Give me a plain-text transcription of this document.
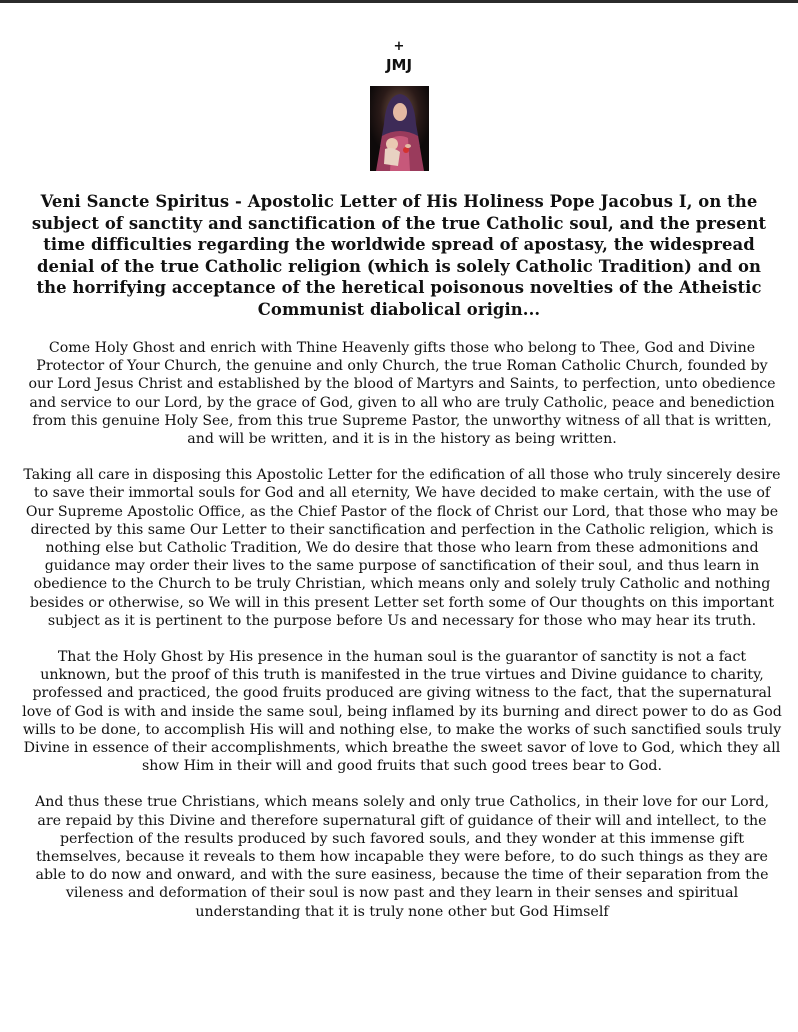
+
JMJ
Veni Sancte Spiritus - Apostolic Letter of His Holiness Pope Jacobus I, on the subject of sanctity and sanctification of the true Catholic soul, and the present time difficulties regarding the worldwide spread of apostasy, the widespread denial of the true Catholic religion (which is solely Catholic Tradition) and on the horrifying acceptance of the heretical poisonous novelties of the Atheistic Communist diabolical origin...
Come Holy Ghost and enrich with Thine Heavenly gifts those who belong to Thee, God and Divine Protector of Your Church, the genuine and only Church, the true Roman Catholic Church, founded by our Lord Jesus Christ and established by the blood of Martyrs and Saints, to perfection, unto obedience and service to our Lord, by the grace of God, given to all who are truly Catholic, peace and benediction from this genuine Holy See, from this true Supreme Pastor, the unworthy witness of all that is written, and will be written, and it is in the history as being written.
Taking all care in disposing this Apostolic Letter for the edification of all those who truly sincerely desire to save their immortal souls for God and all eternity, We have decided to make certain, with the use of Our Supreme Apostolic Office, as the Chief Pastor of the flock of Christ our Lord, that those who may be directed by this same Our Letter to their sanctification and perfection in the Catholic religion, which is nothing else but Catholic Tradition, We do desire that those who learn from these admonitions and guidance may order their lives to the same purpose of sanctification of their soul, and thus learn in obedience to the Church to be truly Christian, which means only and solely truly Catholic and nothing besides or otherwise, so We will in this present Letter set forth some of Our thoughts on this important subject as it is pertinent to the purpose before Us and necessary for those who may hear its truth.
That the Holy Ghost by His presence in the human soul is the guarantor of sanctity is not a fact unknown, but the proof of this truth is manifested in the true virtues and Divine guidance to charity, professed and practiced, the good fruits produced are giving witness to the fact, that the supernatural love of God is with and inside the same soul, being inflamed by its burning and direct power to do as God wills to be done, to accomplish His will and nothing else, to make the works of such sanctified souls truly Divine in essence of their accomplishments, which breathe the sweet savor of love to God, which they all show Him in their will and good fruits that such good trees bear to God.
And thus these true Christians, which means solely and only true Catholics, in their love for our Lord, are repaid by this Divine and therefore supernatural gift of guidance of their will and intellect, to the perfection of the results produced by such favored souls, and they wonder at this immense gift themselves, because it reveals to them how incapable they were before, to do such things as they are able to do now and onward, and with the sure easiness, because the time of their separation from the vileness and deformation of their soul is now past and they learn in their senses and spiritual understanding that it is truly none other but God Himself
